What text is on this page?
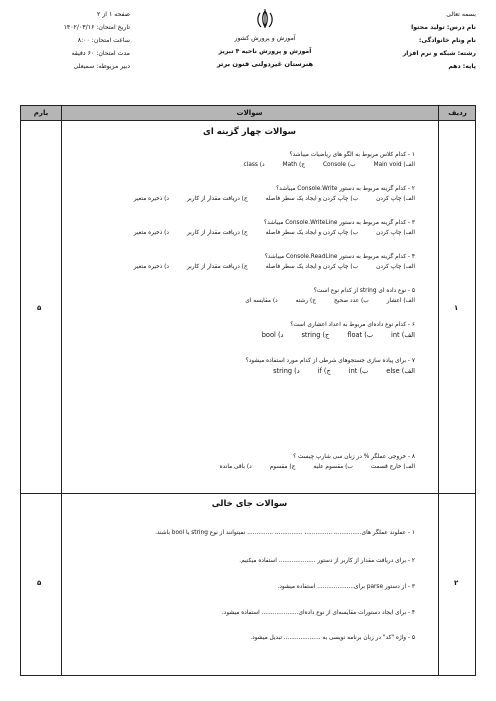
بسمه تعالی
نام درس: تولید محتوا
نام ونام خانوادگی:
رشته: شبکه و نرم افزار
پایه: دهم
آموزش و پرورش کشور
آموزش و پرورش ناحیه ۴ تبریز
هنرستان غیردولتی فنون برتر
صفحه ۱ از ۲
تاریخ امتحان: ۱۴۰۲/۰۳/۱۶
ساعت امتحان: ۸:۰۰
مدت امتحان: ۶۰ دقیقه
دبیر مربوطه: سمیعلی
بارم	سوالات	ردیف
۵	۱
سوالات چهار گزینه ای
۱ - کدام کلاس مربوط به الگو های ریاضیات میباشد؟
الف) Main void
ب) Console
ج) Math
د) class
۲ - کدام گزینه مربوط به دستور Console.Write میباشد؟
الف) چاپ کردن
ب) چاپ کردن و ایجاد یک سطر فاصله
ج) دریافت مقدار از کاربر
د) ذخیره متغیر
۳ - کدام گزینه مربوط به دستور Console.WriteLine میباشد؟
الف) چاپ کردن
ب) چاپ کردن و ایجاد یک سطر فاصله
ج) دریافت مقدار از کاربر
د) ذخیره متغیر
۴ - کدام گزینه مربوط به دستور Console.ReadLine میباشد؟
الف) چاپ کردن
ب) چاپ کردن و ایجاد یک سطر فاصله
ج) دریافت مقدار از کاربر
د) ذخیره متغیر
۵ - نوع داده ای string از کدام نوع است؟
الف) اعشار
ب) عدد صحیح
ج) رشته
د) مقایسه ای
۶ - کدام نوع داده‌ای مربوط به اعداد اعشاری است؟
الف) int
ب) float
ج) string
د) bool
۷ - برای پیاده سازی جستجوهای شرطی از کدام مورد استفاده میشود؟
الف) else
ب) int
ج) if
د) string
۸ - خروجی عملگر % در زبان سی شارپ چیست ؟
الف) خارج قسمت
ب) مقسوم علیه
ج) مقسوم
د) باقی مانده
۵	۲
سوالات جای خالی
۱ - عملوند عملگر های..............، ..............، ..............، .............. نمیتوانند از نوع string یا bool باشند.
۲ - برای دریافت مقدار از کاربر از دستور .................... استفاده میکنیم.
۳ - از دستور parse برای.................... استفاده میشود.
۴ - برای ایجاد دستورات مقایسه‌ای از نوع داده‌ای.................... استفاده میشود.
۵ - واژه "کد" در زبان برنامه نویسی به .................... تبدیل میشود.
